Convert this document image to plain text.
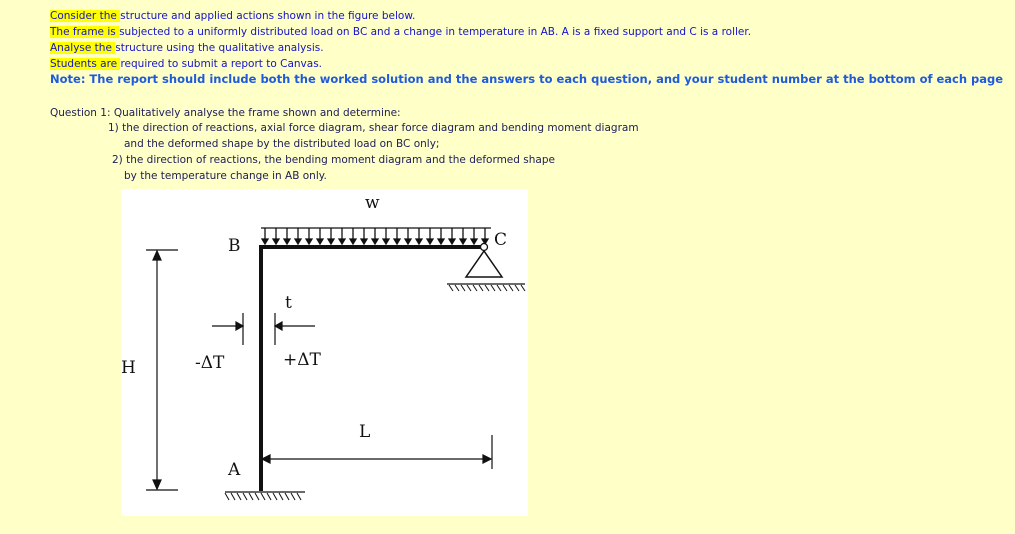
Consider the structure and applied actions shown in the figure below.
The frame is subjected to a uniformly distributed load on BC and a change in temperature in AB. A is a fixed support and C is a roller.
Analyse the structure using the qualitative analysis.
Students are required to submit a report to Canvas.
Note: The report should include both the worked solution and the answers to each question, and your student number at the bottom of each page
Question 1: Qualitatively analyse the frame shown and determine:
1) the direction of reactions, axial force diagram, shear force diagram and bending moment diagram
and the deformed shape by the distributed load on BC only;
2) the direction of reactions, the bending moment diagram and the deformed shape
by the temperature change in AB only.
w
B	C
t
-ΔT	+ΔT
H
L
A
